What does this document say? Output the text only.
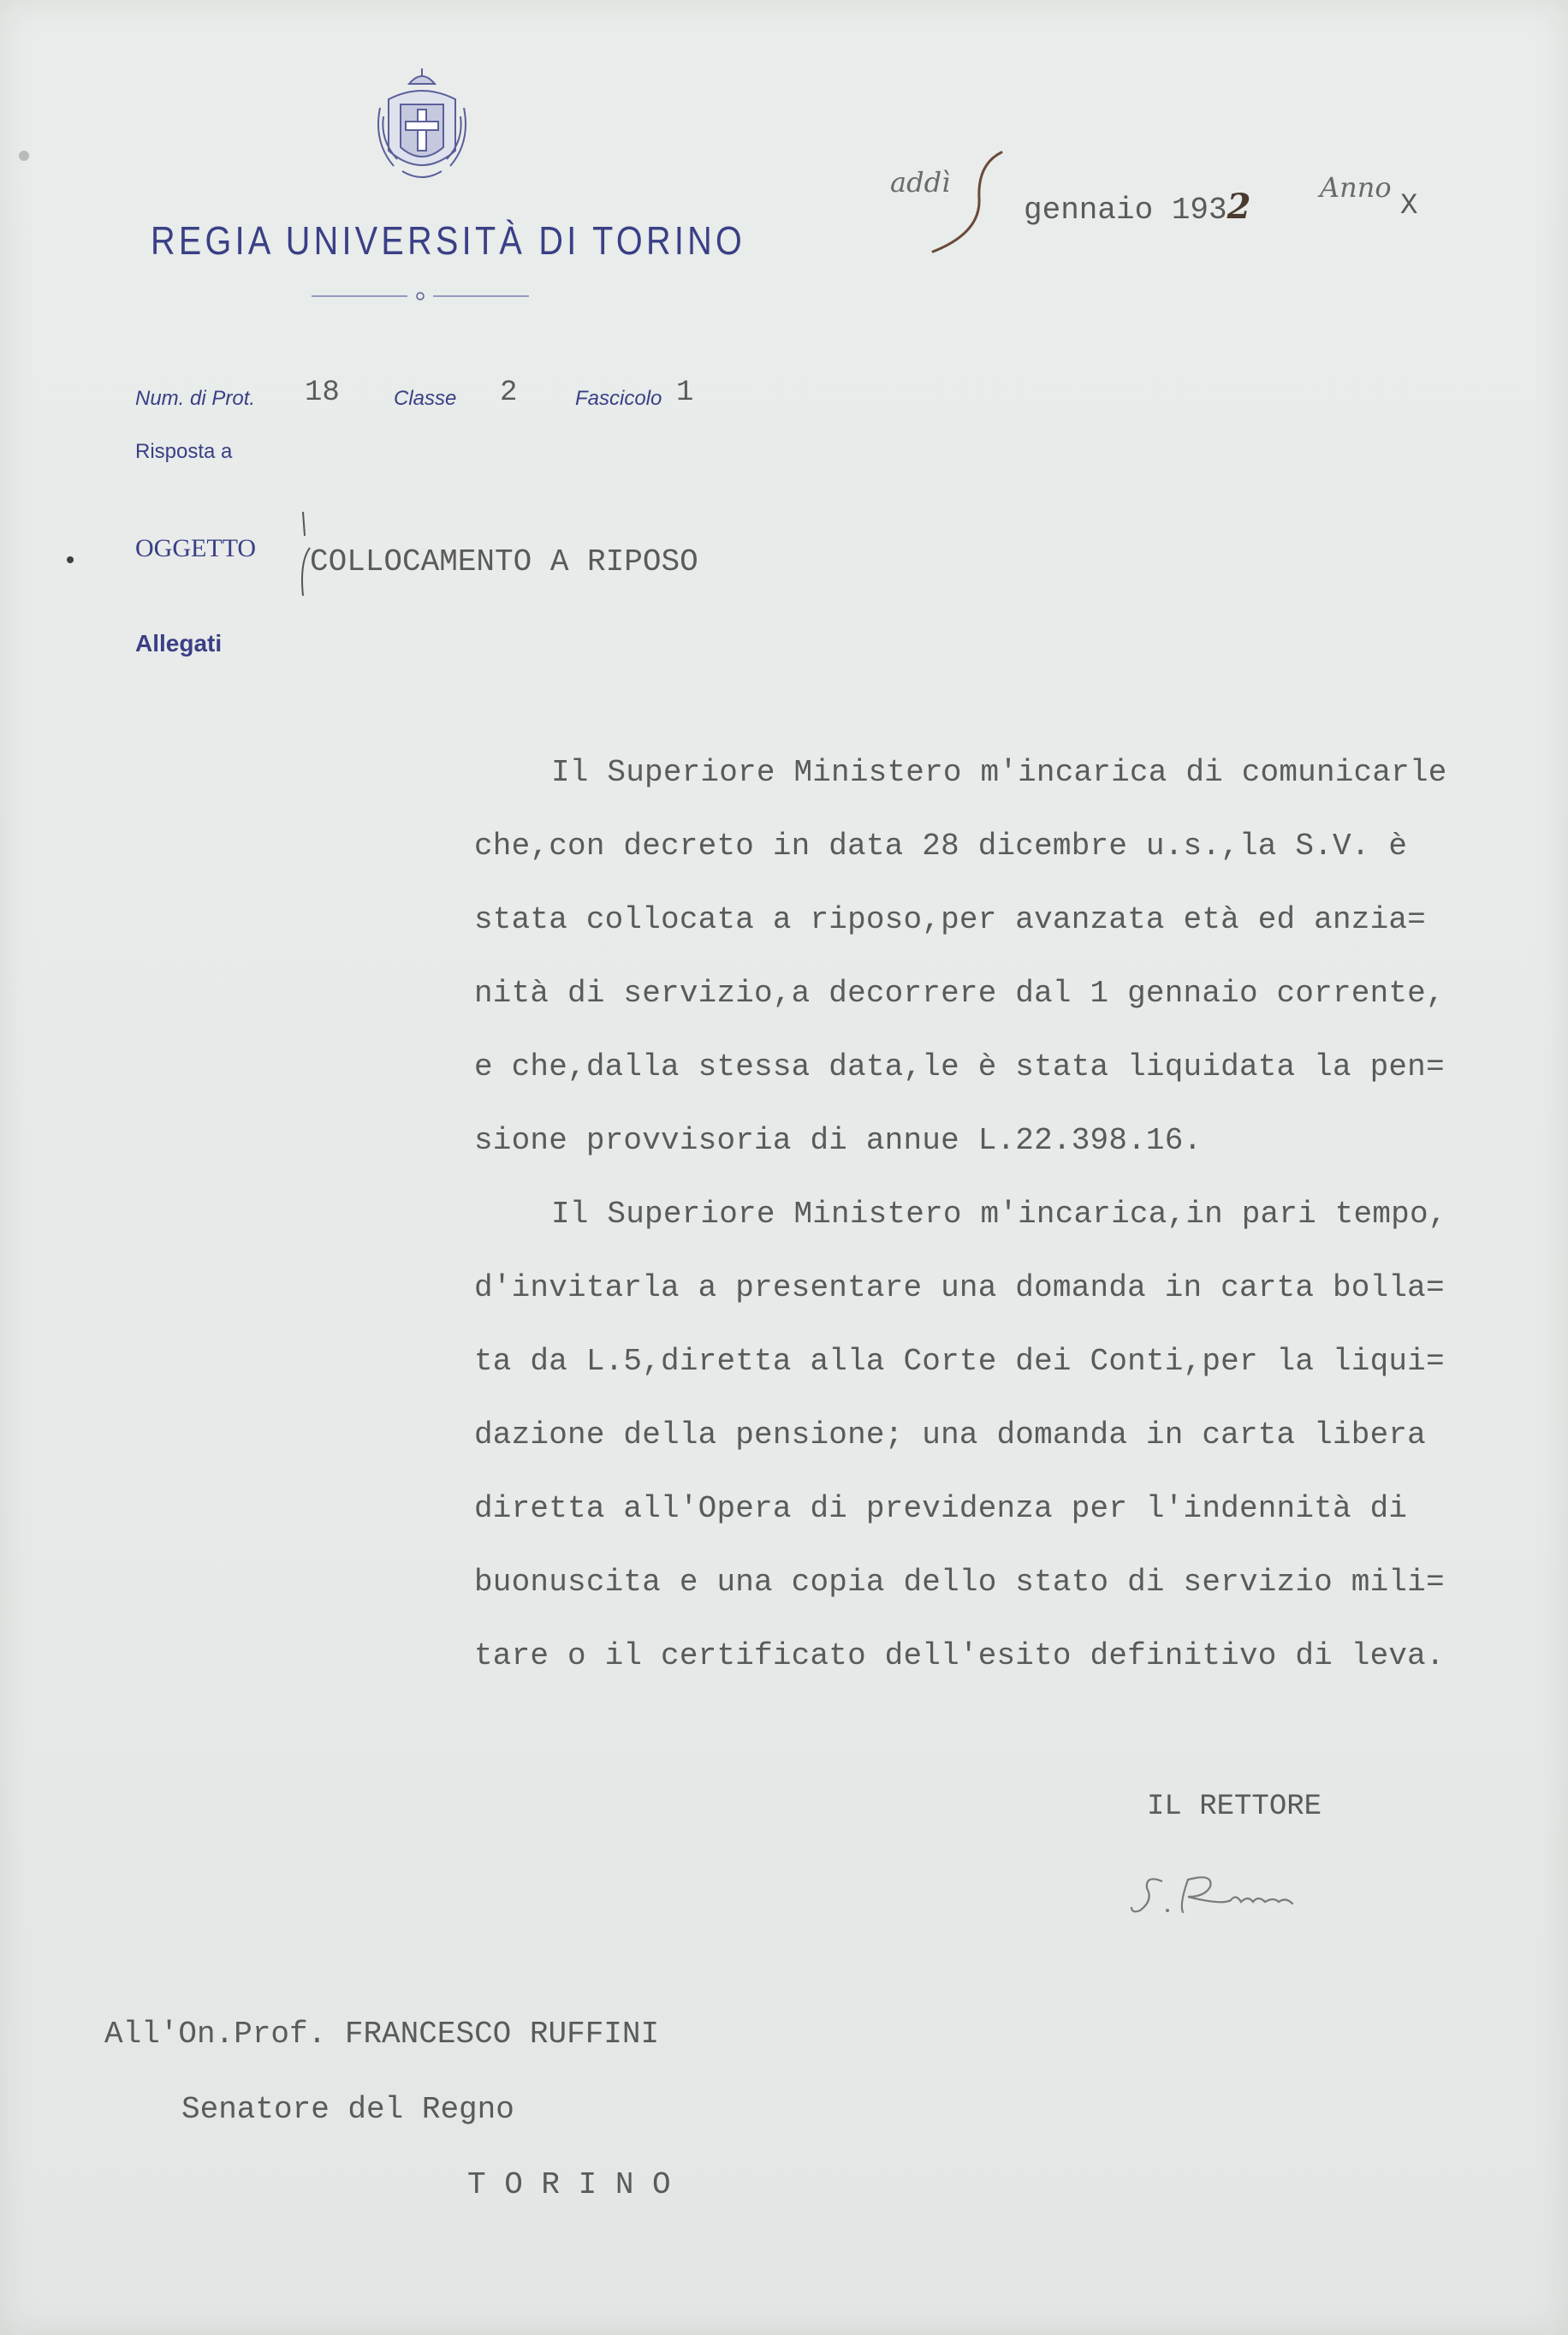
REGIA UNIVERSITÀ DI TORINO
addì
gennaio 1932	Anno
X
Num. di Prot. 18	Classe 2	Fascicolo 1
Risposta a
OGGETTO COLLOCAMENTO A RIPOSO
Allegati
Il Superiore Ministero m'incarica di comunicarle
che,con decreto in data 28 dicembre u.s.,la S.V. è
stata collocata a riposo,per avanzata età ed anzia=
nità di servizio,a decorrere dal 1 gennaio corrente,
e che,dalla stessa data,le è stata liquidata la pen=
sione provvisoria di annue L.22.398.16.
Il Superiore Ministero m'incarica,in pari tempo,
d'invitarla a presentare una domanda in carta bolla=
ta da L.5,diretta alla Corte dei Conti,per la liqui=
dazione della pensione; una domanda in carta libera
diretta all'Opera di previdenza per l'indennità di
buonuscita e una copia dello stato di servizio mili=
tare o il certificato dell'esito definitivo di leva.
IL RETTORE
S. Pivano
All'On.Prof. FRANCESCO RUFFINI
Senatore del Regno
T O R I N O
